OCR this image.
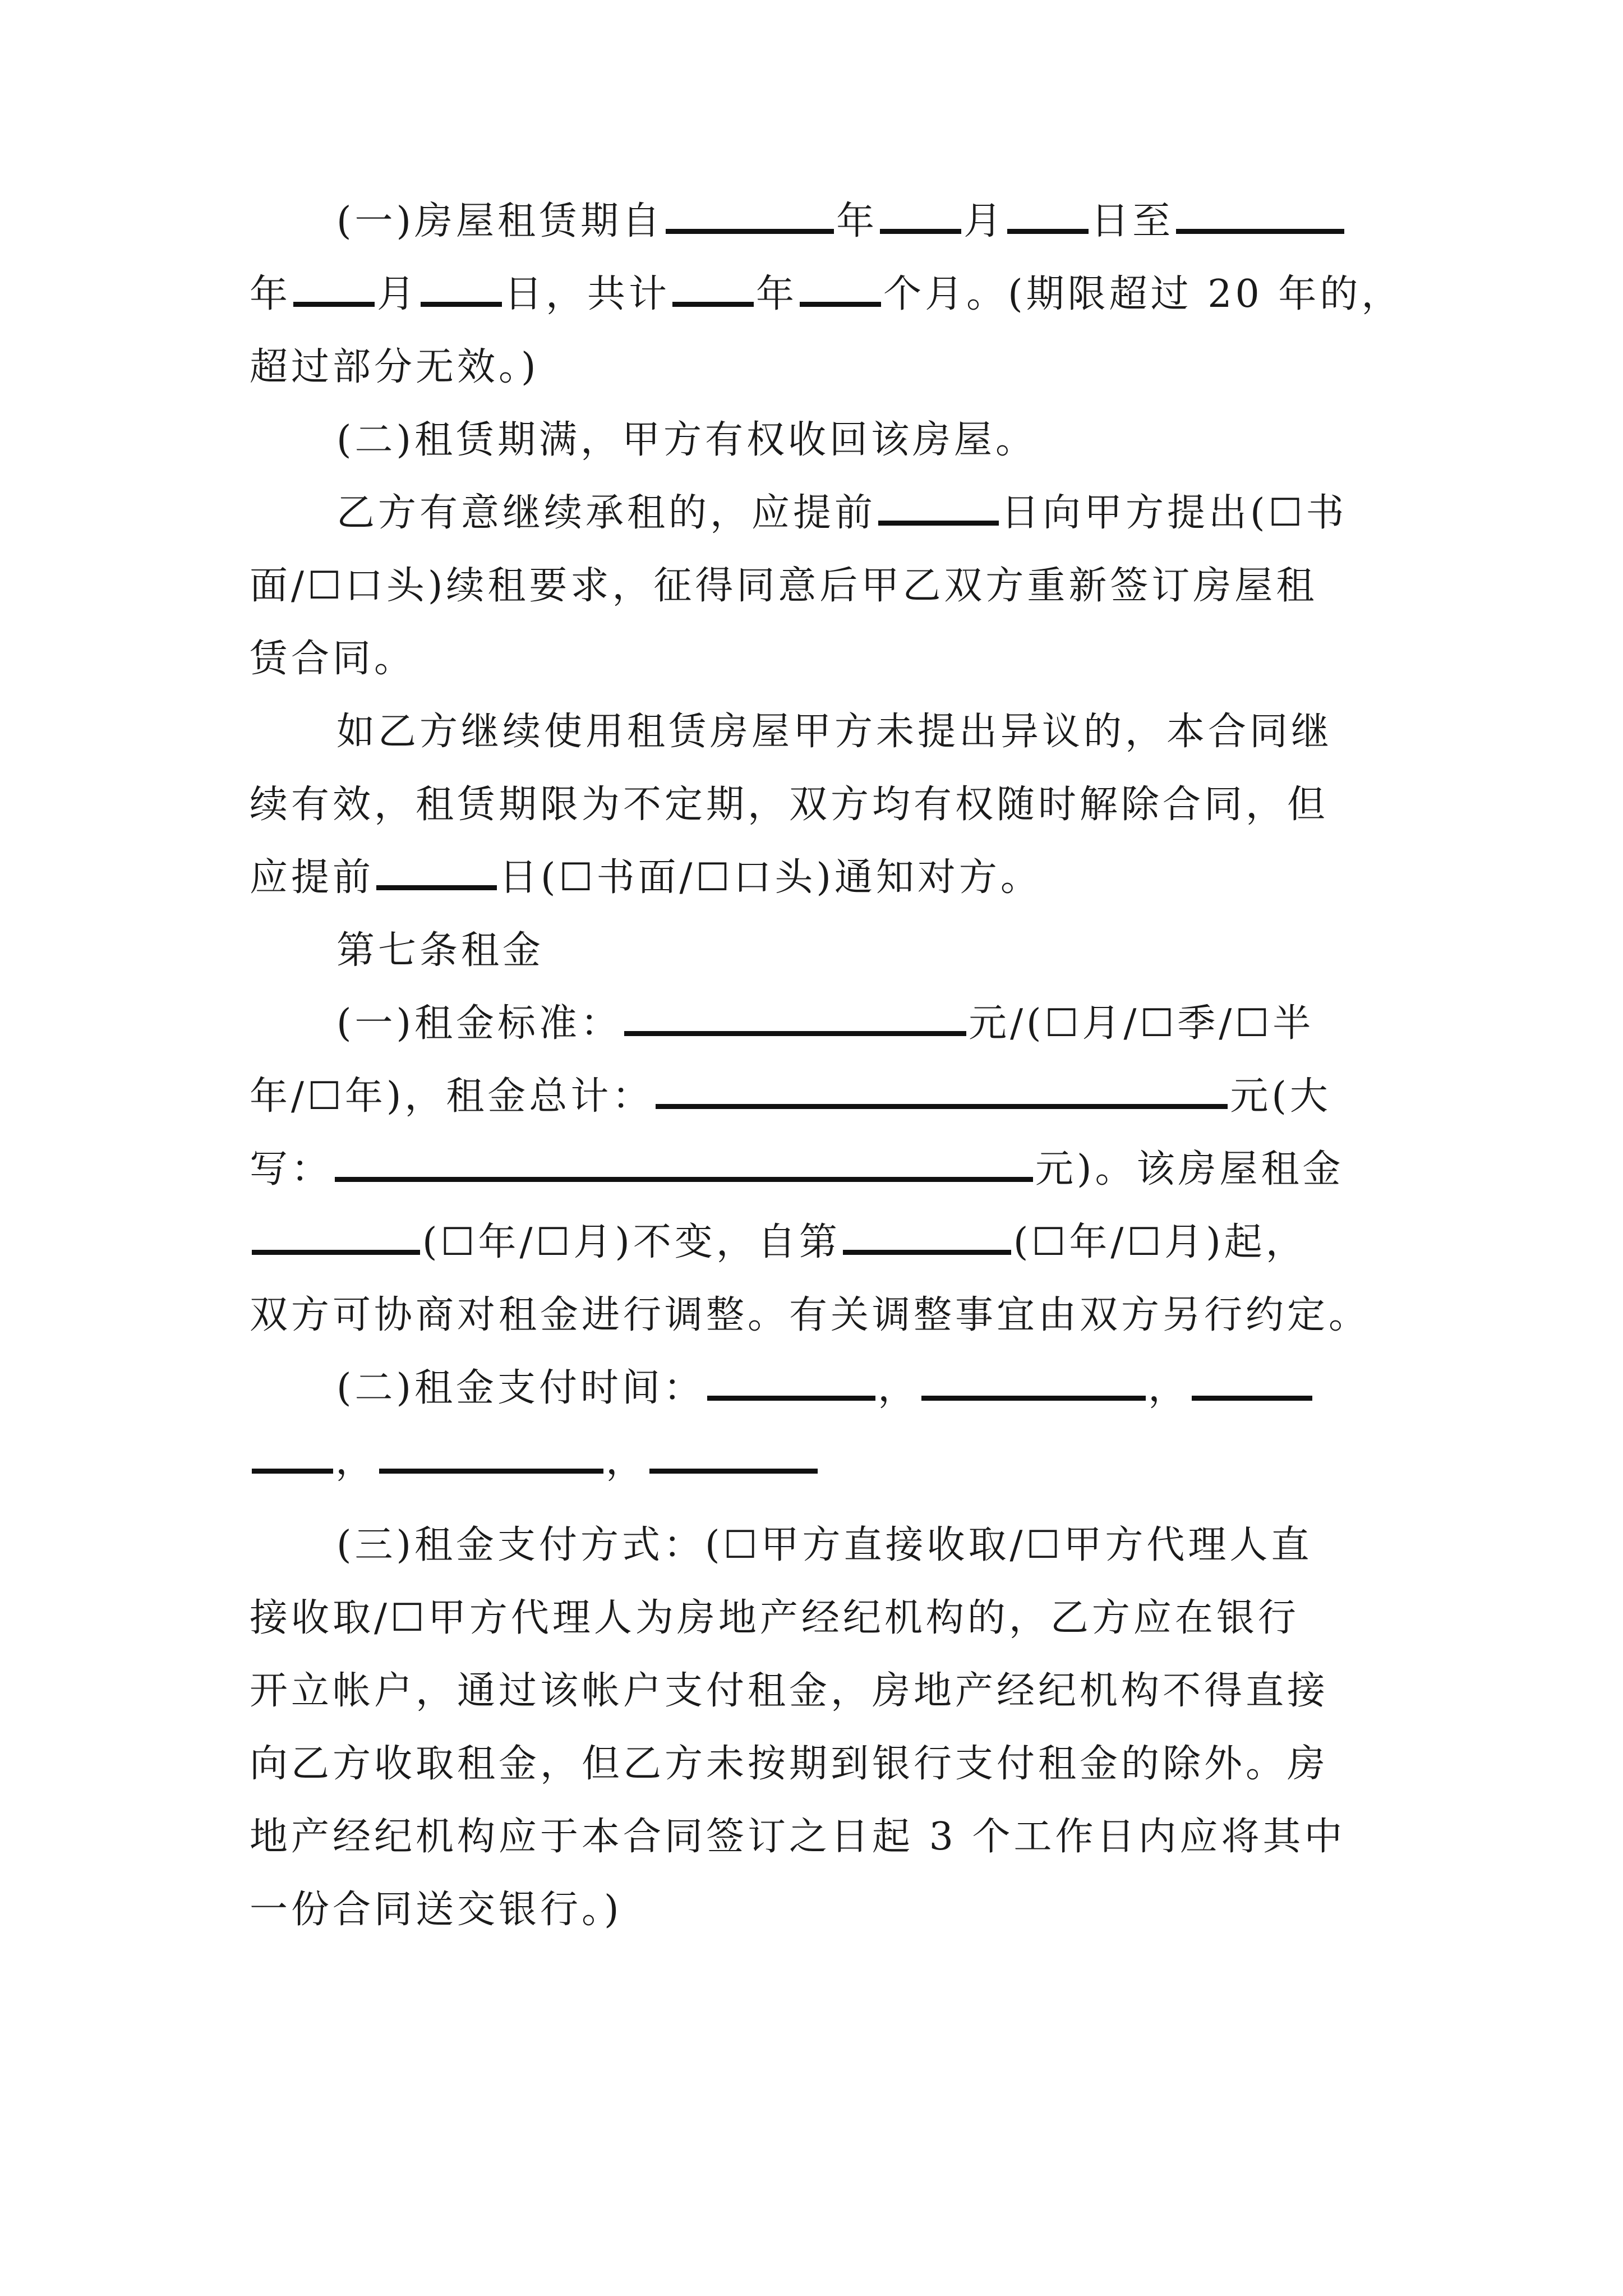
(一)房屋租赁期自	年 月 日至
年 月 日，共计 年 个月。(期限超过 20 年的，
超过部分无效。)
(二)租赁期满，甲方有权收回该房屋。
乙方有意继续承租的，应提前	日向甲方提出(☐书
面/☐口头)续租要求，征得同意后甲乙双方重新签订房屋租
赁合同。
如乙方继续使用租赁房屋甲方未提出异议的，本合同继
续有效，租赁期限为不定期，双方均有权随时解除合同，但
应提前	日(☐书面/☐口头)通知对方。
第七条租金
(一)租金标准：	元/(☐月/☐季/☐半
年/☐年)，租金总计：	元(大
写：	元)。该房屋租金
(☐年/☐月)不变，自第	(☐年/☐月)起，
双方可协商对租金进行调整。有关调整事宜由双方另行约定。
(二)租金支付时间：	，	，
，	，
(三)租金支付方式：(☐甲方直接收取/☐甲方代理人直
接收取/☐甲方代理人为房地产经纪机构的，乙方应在银行
开立帐户，通过该帐户支付租金，房地产经纪机构不得直接
向乙方收取租金，但乙方未按期到银行支付租金的除外。房
地产经纪机构应于本合同签订之日起 3 个工作日内应将其中
一份合同送交银行。)
